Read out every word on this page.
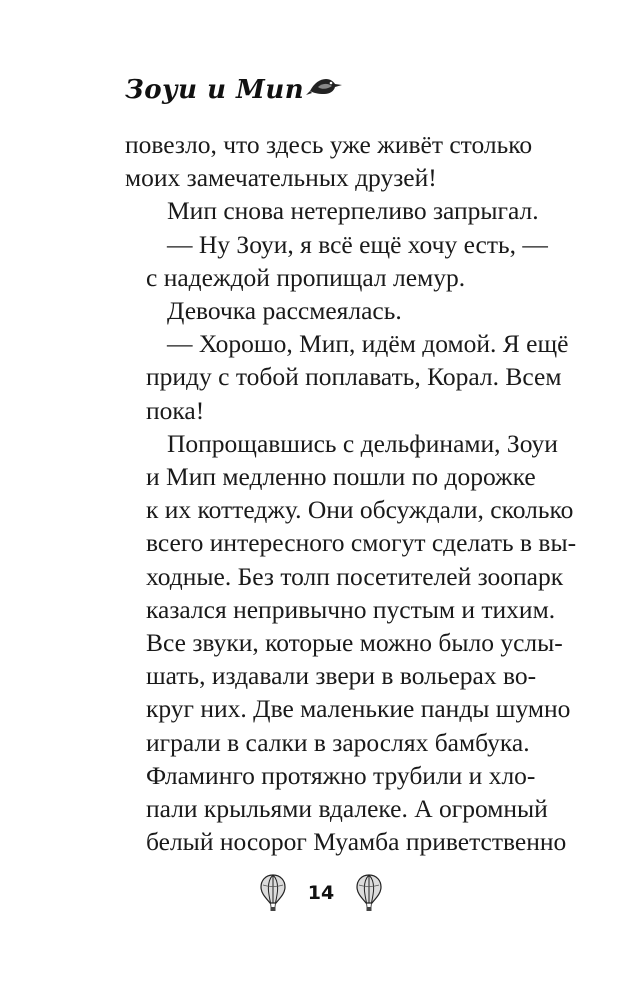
Зоуи и Мип

повезло, что здесь уже живёт столько
моих замечательных друзей!

Мип снова нетерпеливо запрыгал.

— Ну Зоуи, я всё ещё хочу есть, —
с надеждой пропищал лемур.

Девочка рассмеялась.

— Хорошо, Мип, идём домой. Я ещё
приду с тобой поплавать, Корал. Всем
пока!

Попрощавшись с дельфинами, Зоуи
и Мип медленно пошли по дорожке
к их коттеджу. Они обсуждали, сколько
всего интересного смогут сделать в вы-
ходные. Без толп посетителей зоопарк
казался непривычно пустым и тихим.
Все звуки, которые можно было услы-
шать, издавали звери в вольерах во-
круг них. Две маленькие панды шумно
играли в салки в зарослях бамбука.
Фламинго протяжно трубили и хло-
пали крыльями вдалеке. А огромный
белый носорог Муамба приветственно

14
